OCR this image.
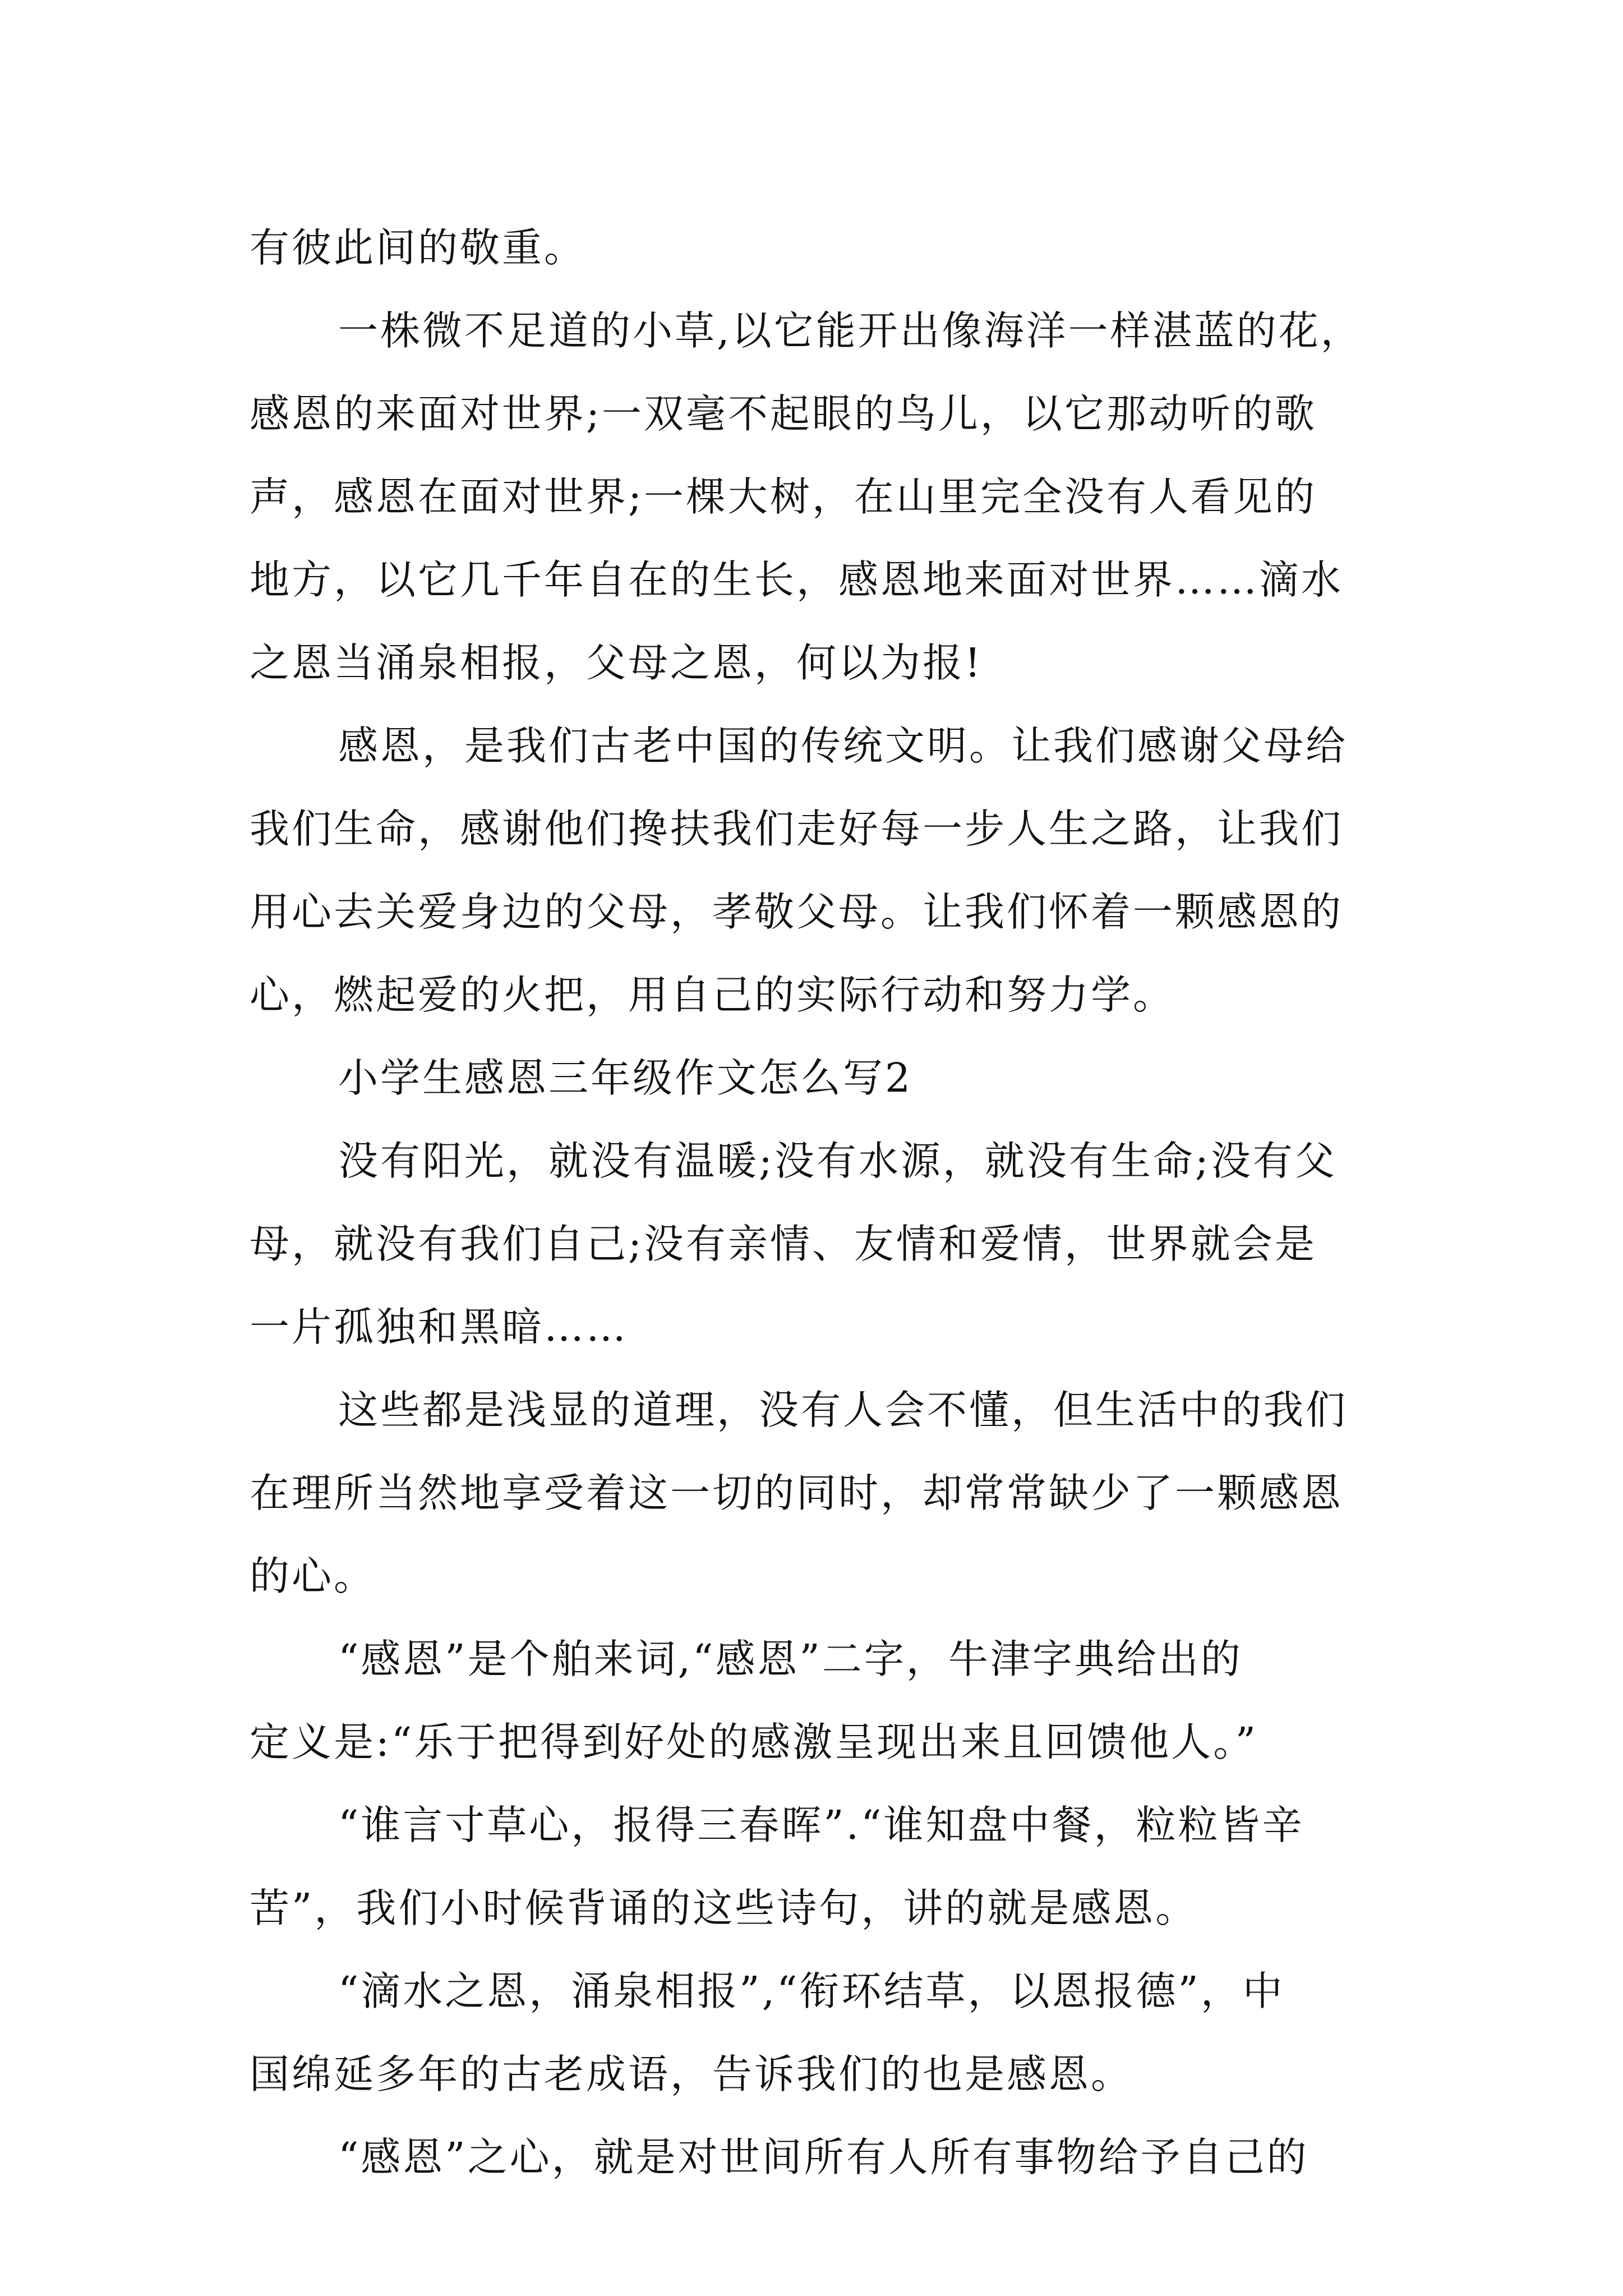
有彼此间的敬重。
一株微不足道的小草,以它能开出像海洋一样湛蓝的花，
感恩的来面对世界;一双毫不起眼的鸟儿，以它那动听的歌
声，感恩在面对世界;一棵大树，在山里完全没有人看见的
地方，以它几千年自在的生长，感恩地来面对世界……滴水
之恩当涌泉相报，父母之恩，何以为报!
感恩，是我们古老中国的传统文明。让我们感谢父母给
我们生命，感谢他们搀扶我们走好每一步人生之路，让我们
用心去关爱身边的父母，孝敬父母。让我们怀着一颗感恩的
心，燃起爱的火把，用自己的实际行动和努力学。
小学生感恩三年级作文怎么写2
没有阳光，就没有温暖;没有水源，就没有生命;没有父
母，就没有我们自己;没有亲情、友情和爱情，世界就会是
一片孤独和黑暗……
这些都是浅显的道理，没有人会不懂，但生活中的我们
在理所当然地享受着这一切的同时，却常常缺少了一颗感恩
的心。
“感恩”是个舶来词,“感恩”二字，牛津字典给出的
定义是:“乐于把得到好处的感激呈现出来且回馈他人。”
“谁言寸草心，报得三春晖”.“谁知盘中餐，粒粒皆辛
苦”，我们小时候背诵的这些诗句，讲的就是感恩。
“滴水之恩，涌泉相报”,“衔环结草，以恩报德”，中
国绵延多年的古老成语，告诉我们的也是感恩。
“感恩”之心，就是对世间所有人所有事物给予自己的
